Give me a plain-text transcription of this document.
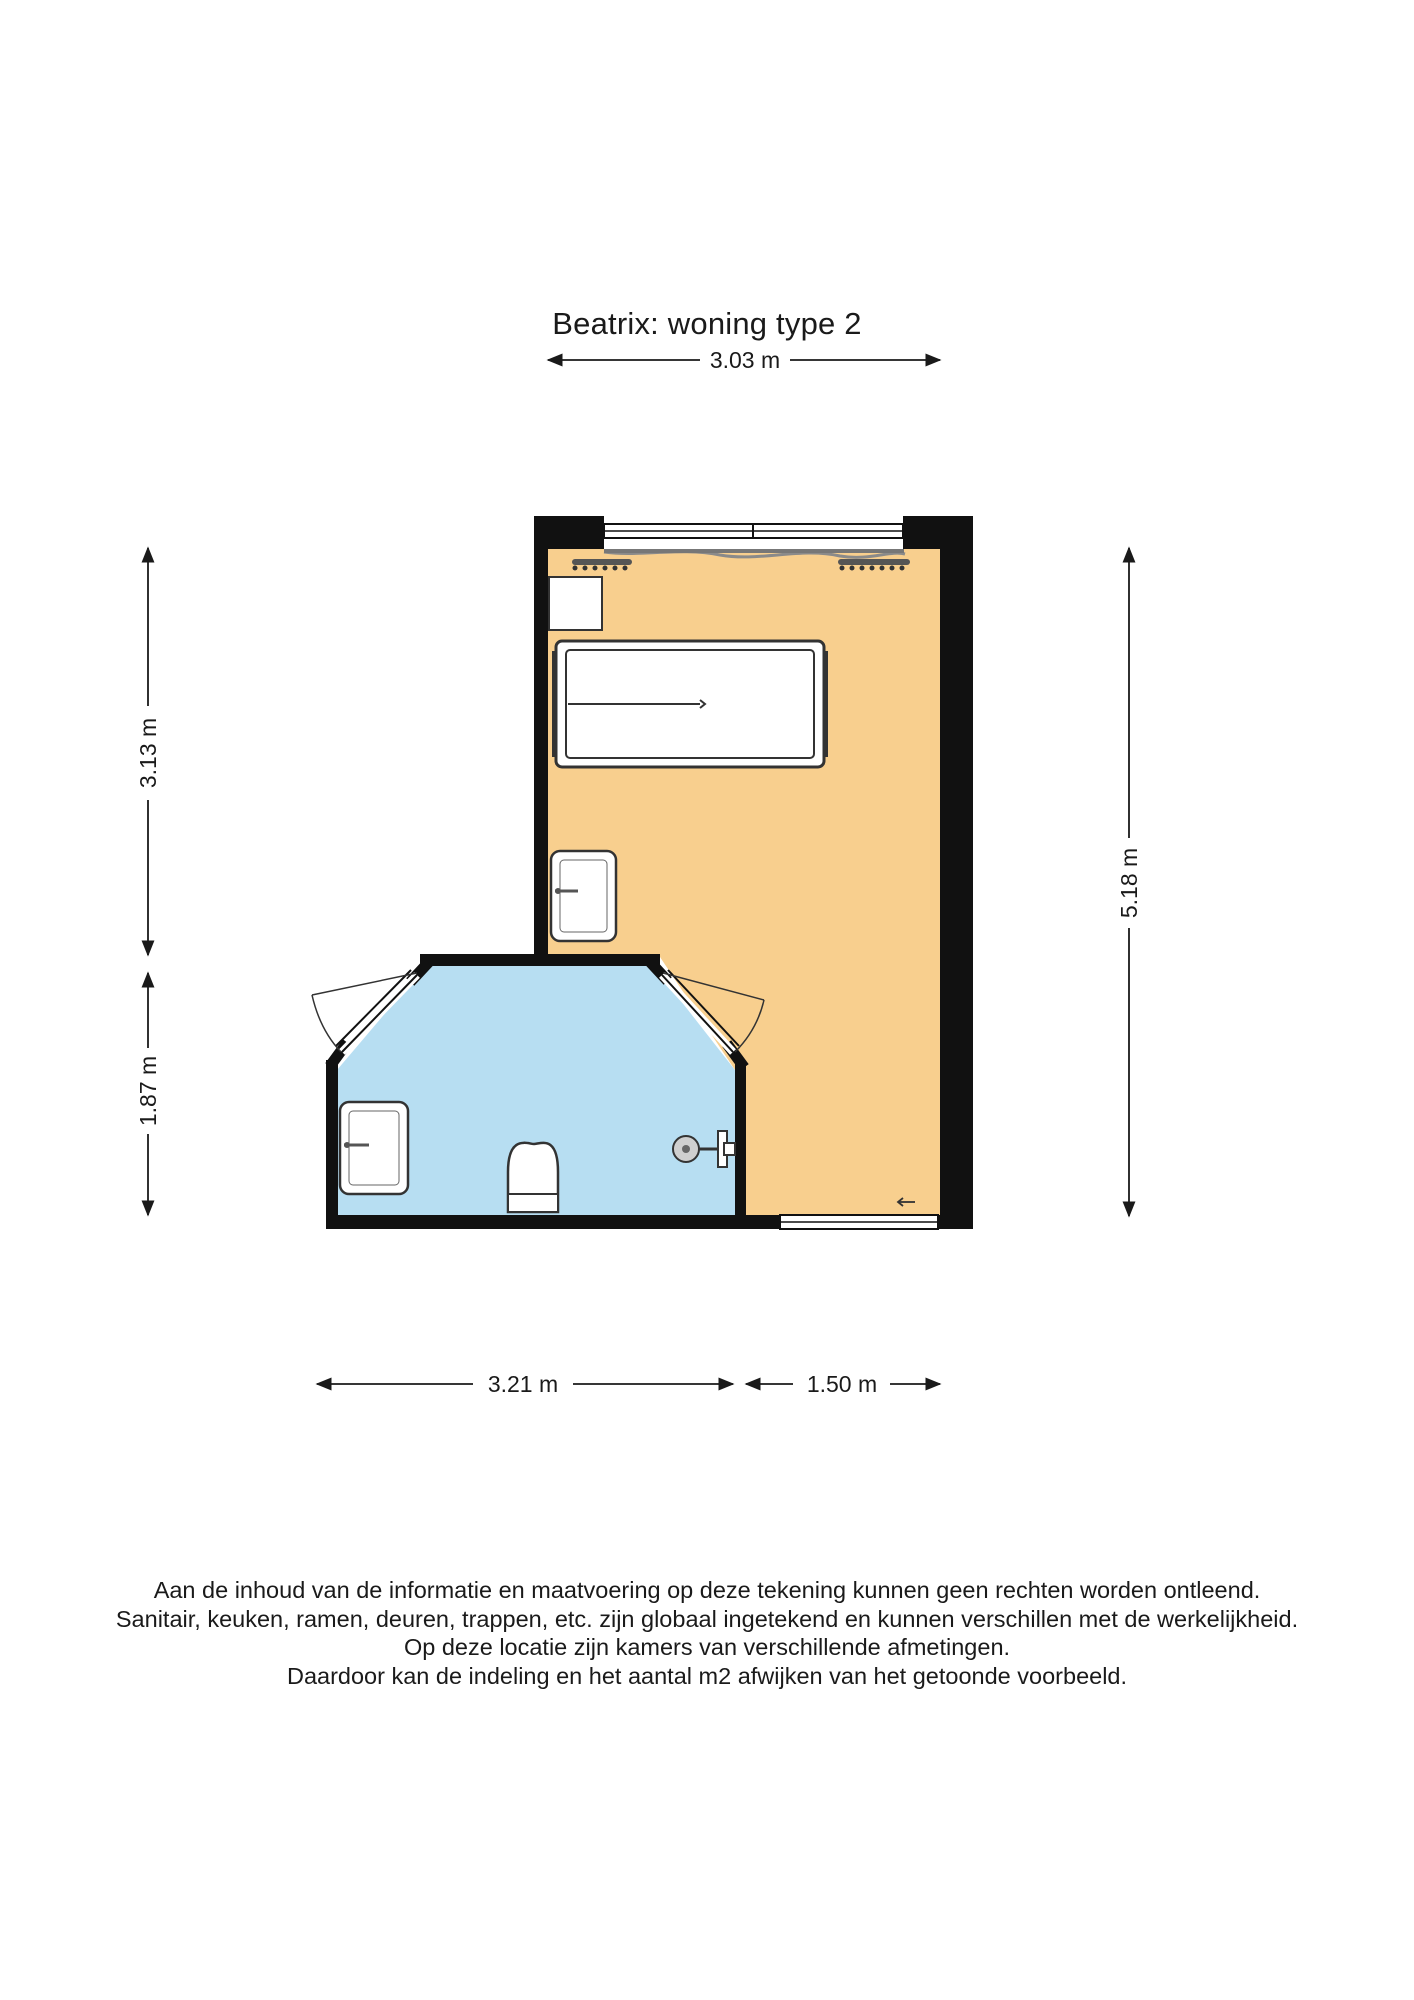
Beatrix: woning type 2
3.03 m
3.13 m
1.87 m
5.18 m
3.21 m	1.50 m

Aan de inhoud van de informatie en maatvoering op deze tekening kunnen geen rechten worden ontleend.

Sanitair, keuken, ramen, deuren, trappen, etc. zijn globaal ingetekend en kunnen verschillen met de werkelijkheid.

Op deze locatie zijn kamers van verschillende afmetingen.

Daardoor kan de indeling en het aantal m2 afwijken van het getoonde voorbeeld.
